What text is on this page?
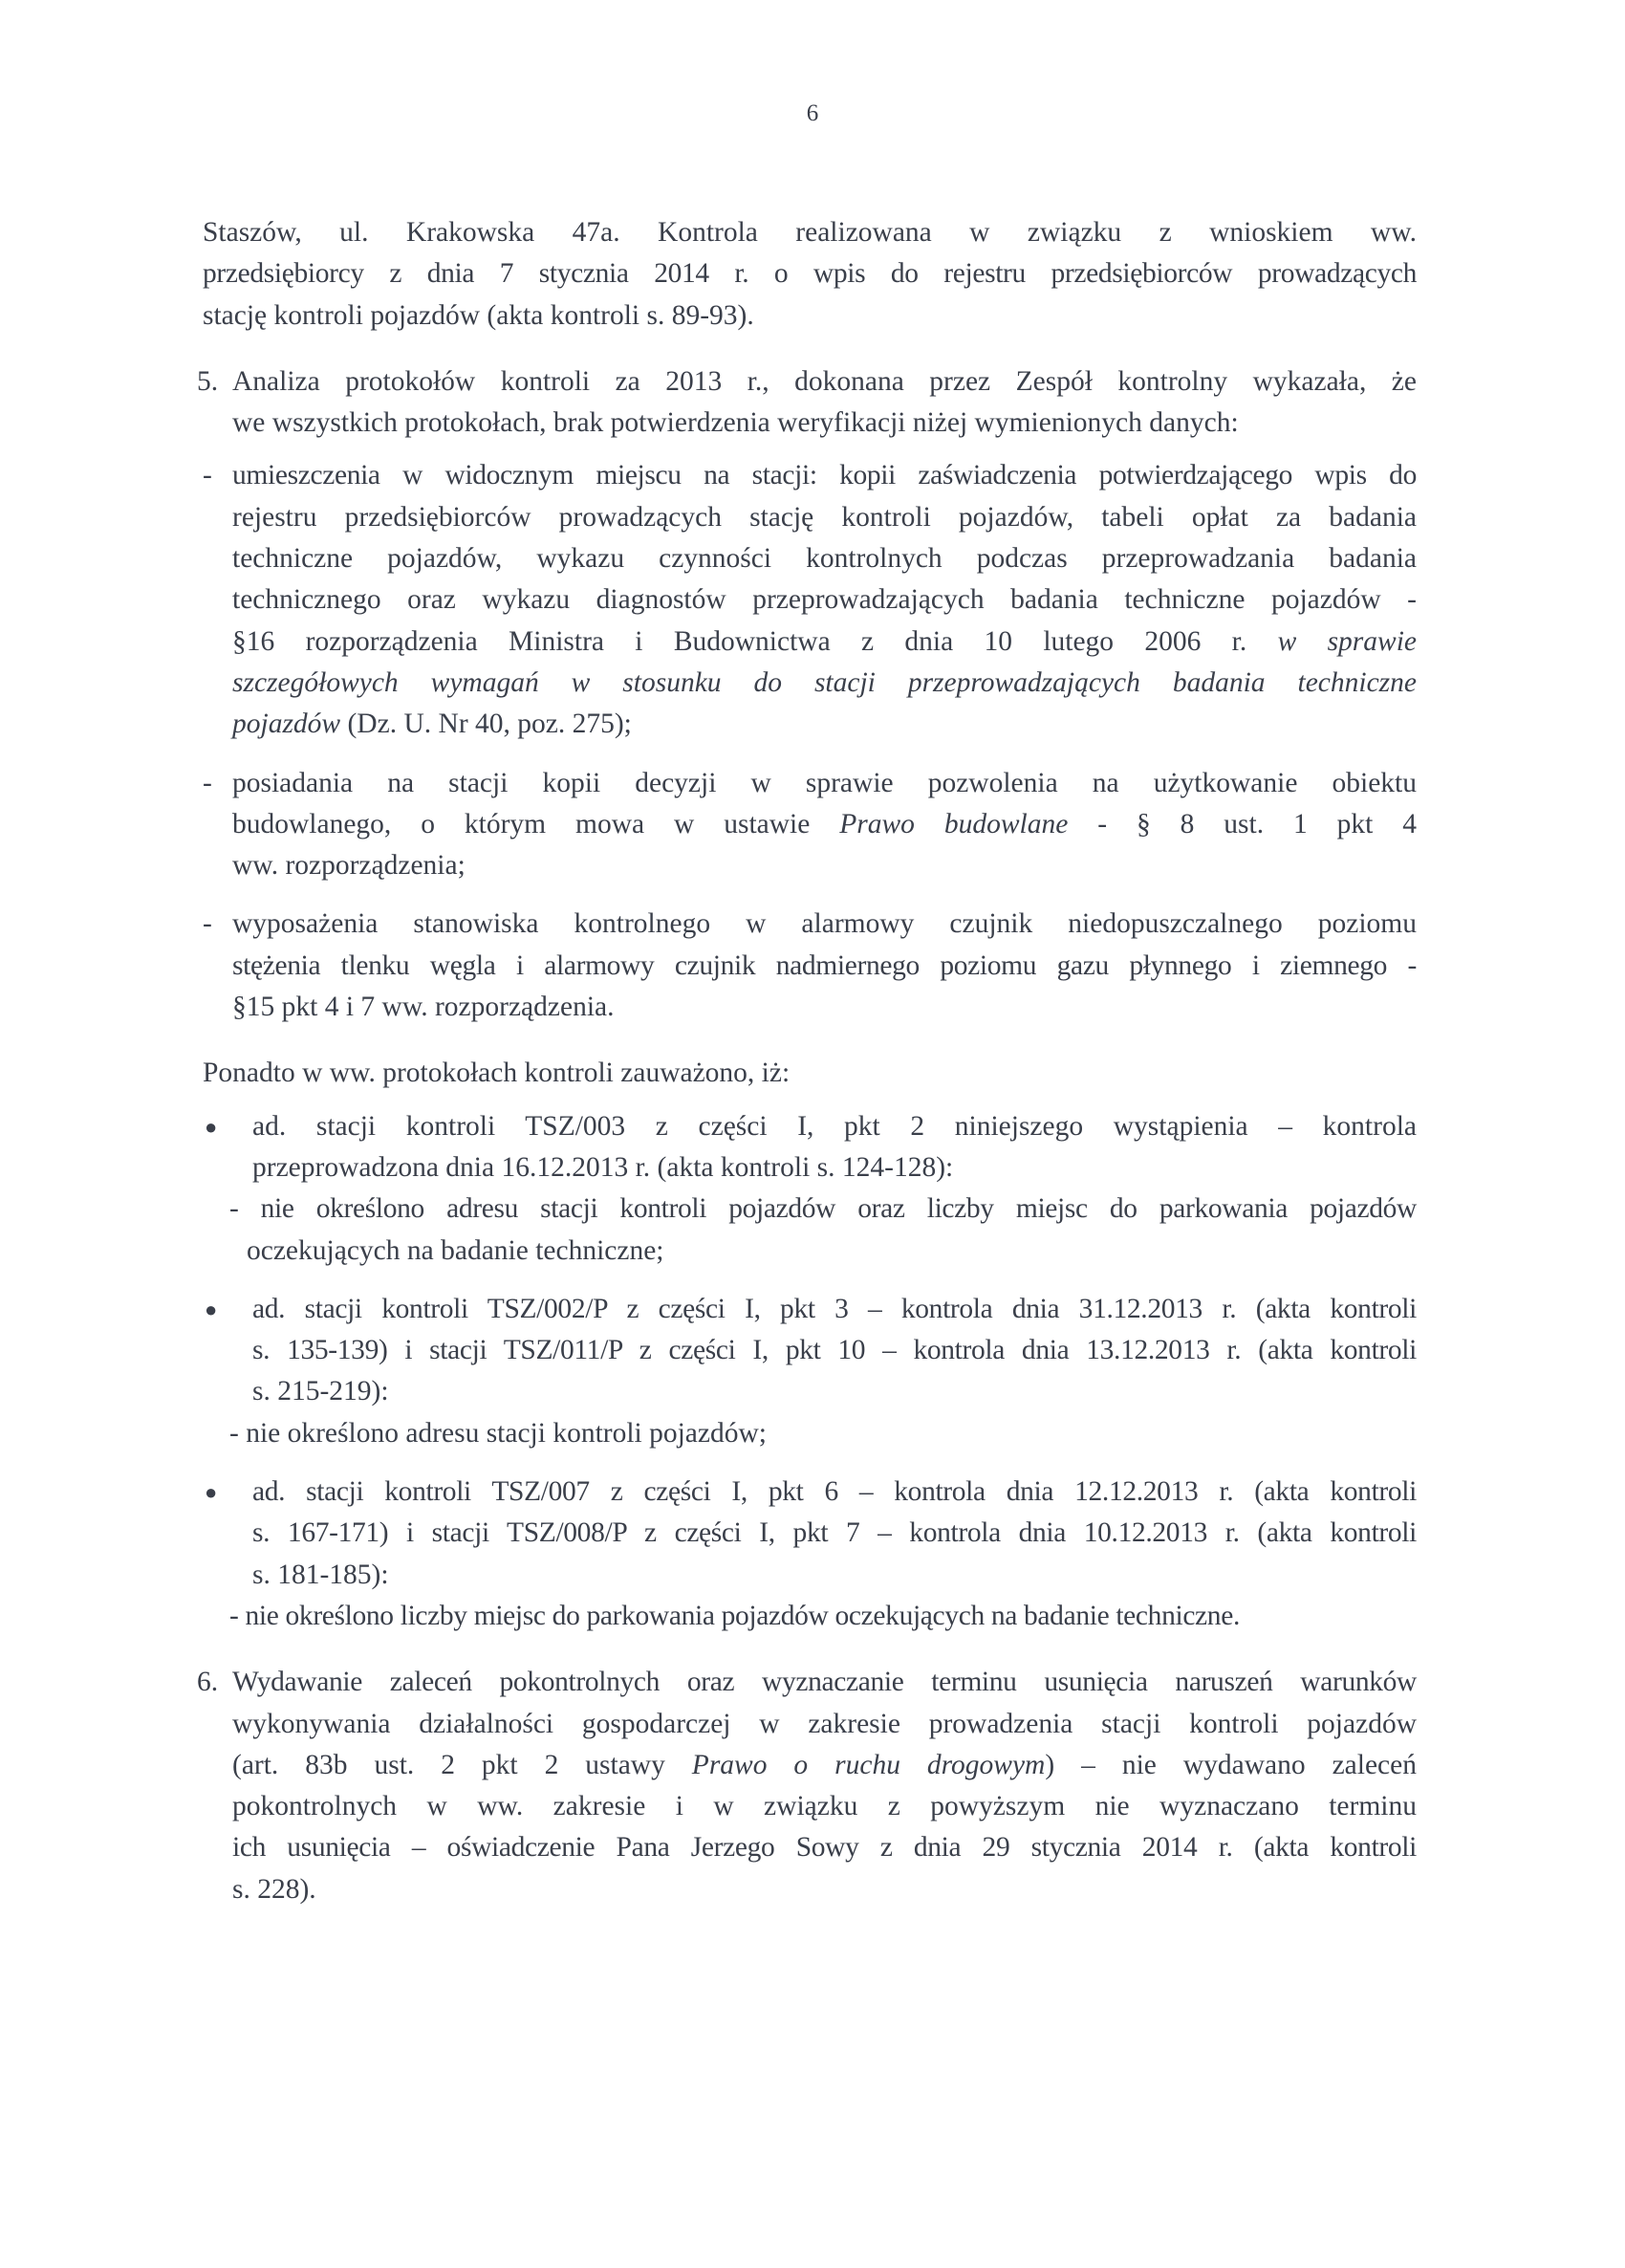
6

Staszów, ul. Krakowska 47a. Kontrola realizowana w związku z wnioskiem ww.

przedsiębiorcy z dnia 7 stycznia 2014 r. o wpis do rejestru przedsiębiorców prowadzących

stację kontroli pojazdów (akta kontroli s. 89-93).

5. Analiza protokołów kontroli za 2013 r., dokonana przez Zespół kontrolny wykazała, że

we wszystkich protokołach, brak potwierdzenia weryfikacji niżej wymienionych danych:

- umieszczenia w widocznym miejscu na stacji: kopii zaświadczenia potwierdzającego wpis do

rejestru przedsiębiorców prowadzących stację kontroli pojazdów, tabeli opłat za badania

techniczne pojazdów, wykazu czynności kontrolnych podczas przeprowadzania badania

technicznego oraz wykazu diagnostów przeprowadzających badania techniczne pojazdów -

§16 rozporządzenia Ministra i Budownictwa z dnia 10 lutego 2006 r. w sprawie

szczegółowych wymagań w stosunku do stacji przeprowadzających badania techniczne

pojazdów (Dz. U. Nr 40, poz. 275);

- posiadania na stacji kopii decyzji w sprawie pozwolenia na użytkowanie obiektu

budowlanego, o którym mowa w ustawie Prawo budowlane - § 8 ust. 1 pkt 4

ww. rozporządzenia;

- wyposażenia stanowiska kontrolnego w alarmowy czujnik niedopuszczalnego poziomu

stężenia tlenku węgla i alarmowy czujnik nadmiernego poziomu gazu płynnego i ziemnego -

§15 pkt 4 i 7 ww. rozporządzenia.

Ponadto w ww. protokołach kontroli zauważono, iż:

● ad. stacji kontroli TSZ/003 z części I, pkt 2 niniejszego wystąpienia – kontrola

przeprowadzona dnia 16.12.2013 r. (akta kontroli s. 124-128):

- nie określono adresu stacji kontroli pojazdów oraz liczby miejsc do parkowania pojazdów

oczekujących na badanie techniczne;

● ad. stacji kontroli TSZ/002/P z części I, pkt 3 – kontrola dnia 31.12.2013 r. (akta kontroli

s. 135-139) i stacji TSZ/011/P z części I, pkt 10 – kontrola dnia 13.12.2013 r. (akta kontroli

s. 215-219):

- nie określono adresu stacji kontroli pojazdów;

● ad. stacji kontroli TSZ/007 z części I, pkt 6 – kontrola dnia 12.12.2013 r. (akta kontroli

s. 167-171) i stacji TSZ/008/P z części I, pkt 7 – kontrola dnia 10.12.2013 r. (akta kontroli

s. 181-185):

- nie określono liczby miejsc do parkowania pojazdów oczekujących na badanie techniczne.

6. Wydawanie zaleceń pokontrolnych oraz wyznaczanie terminu usunięcia naruszeń warunków

wykonywania działalności gospodarczej w zakresie prowadzenia stacji kontroli pojazdów

(art. 83b ust. 2 pkt 2 ustawy Prawo o ruchu drogowym) – nie wydawano zaleceń

pokontrolnych w ww. zakresie i w związku z powyższym nie wyznaczano terminu

ich usunięcia – oświadczenie Pana Jerzego Sowy z dnia 29 stycznia 2014 r. (akta kontroli

s. 228).
